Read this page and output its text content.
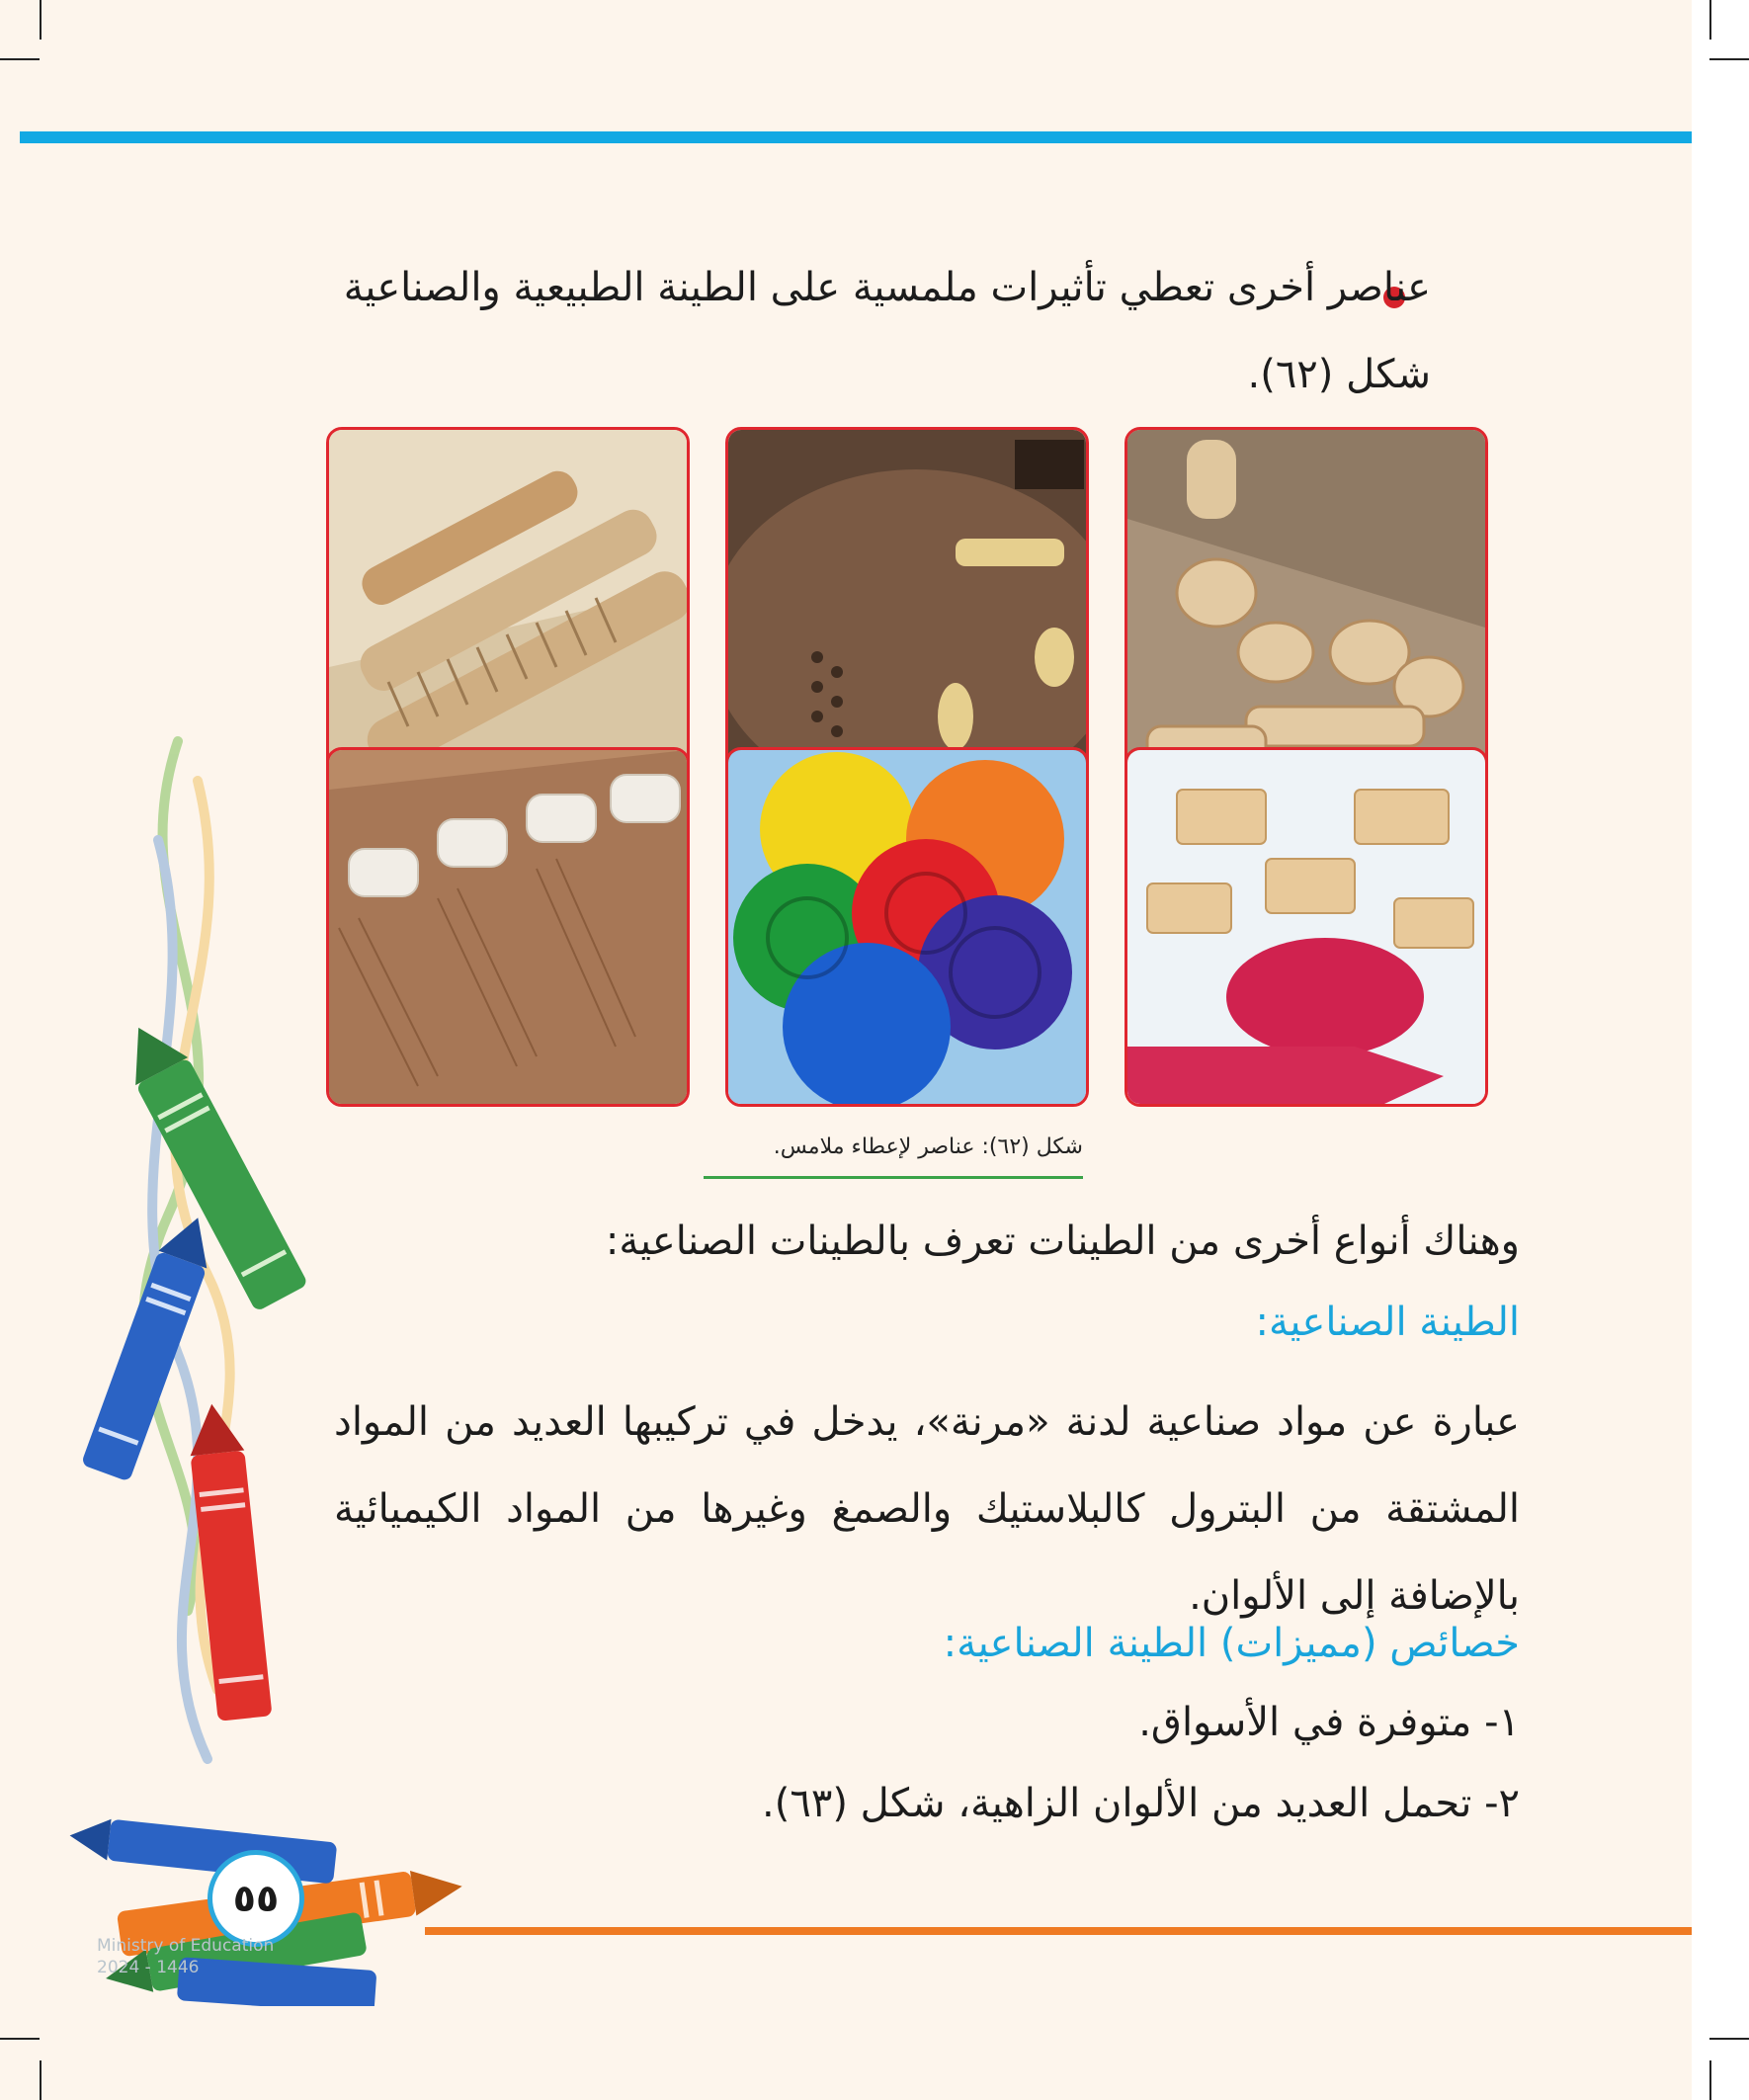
عناصر أخرى تعطي تأثيرات ملمسية على الطينة الطبيعية والصناعية
شكل (٦٢).
شكل (٦٢): عناصر لإعطاء ملامس.
وهناك أنواع أخرى من الطينات تعرف بالطينات الصناعية:
الطينة الصناعية:
عبارة عن مواد صناعية لدنة «مرنة»، يدخل في تركيبها العديد من المواد المشتقة من البترول كالبلاستيك والصمغ وغيرها من المواد الكيميائية بالإضافة إلى الألوان.
خصائص (مميزات) الطينة الصناعية:
١- متوفرة في الأسواق.
٢- تحمل العديد من الألوان الزاهية، شكل (٦٣).
٥٥
Ministry of Education
2024 - 1446
